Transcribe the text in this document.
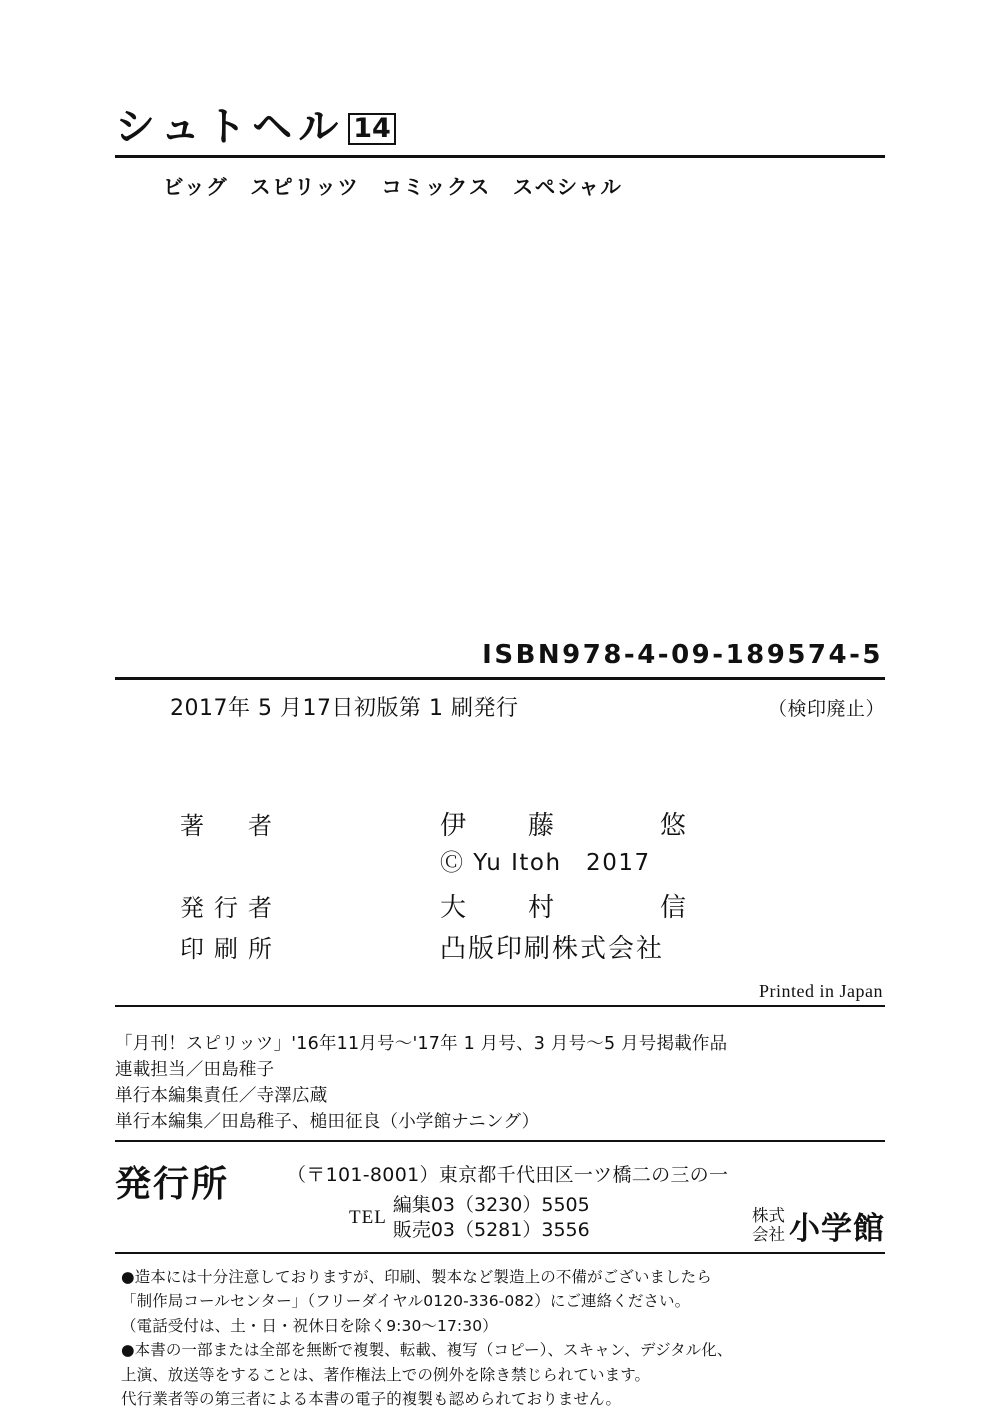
シュトヘル 14
ビッグ　スピリッツ　コミックス　スペシャル
ISBN978-4-09-189574-5
2017年 5 月17日初版第 1 刷発行	（検印廃止）
著　者	伊　藤　　悠
Ⓒ Yu Itoh　2017
発行者	大　村　　信
印刷所	凸版印刷株式会社
Printed in Japan
「月刊！スピリッツ」'16年11月号〜'17年 1 月号、3 月号〜5 月号掲載作品
連載担当／田島稚子
単行本編集責任／寺澤広蔵
単行本編集／田島稚子、槌田征良（小学館ナニング）
発行所	（〒101-8001）東京都千代田区一ツ橋二の三の一
TEL
編集03（3230）5505
販売03（5281）3556
株式
会社 小学館
●造本には十分注意しておりますが、印刷、製本など製造上の不備がございましたら
「制作局コールセンター」（フリーダイヤル0120-336-082）にご連絡ください。
（電話受付は、土・日・祝休日を除く9:30〜17:30）
●本書の一部または全部を無断で複製、転載、複写（コピー）、スキャン、デジタル化、
上演、放送等をすることは、著作権法上での例外を除き禁じられています。
代行業者等の第三者による本書の電子的複製も認められておりません。
